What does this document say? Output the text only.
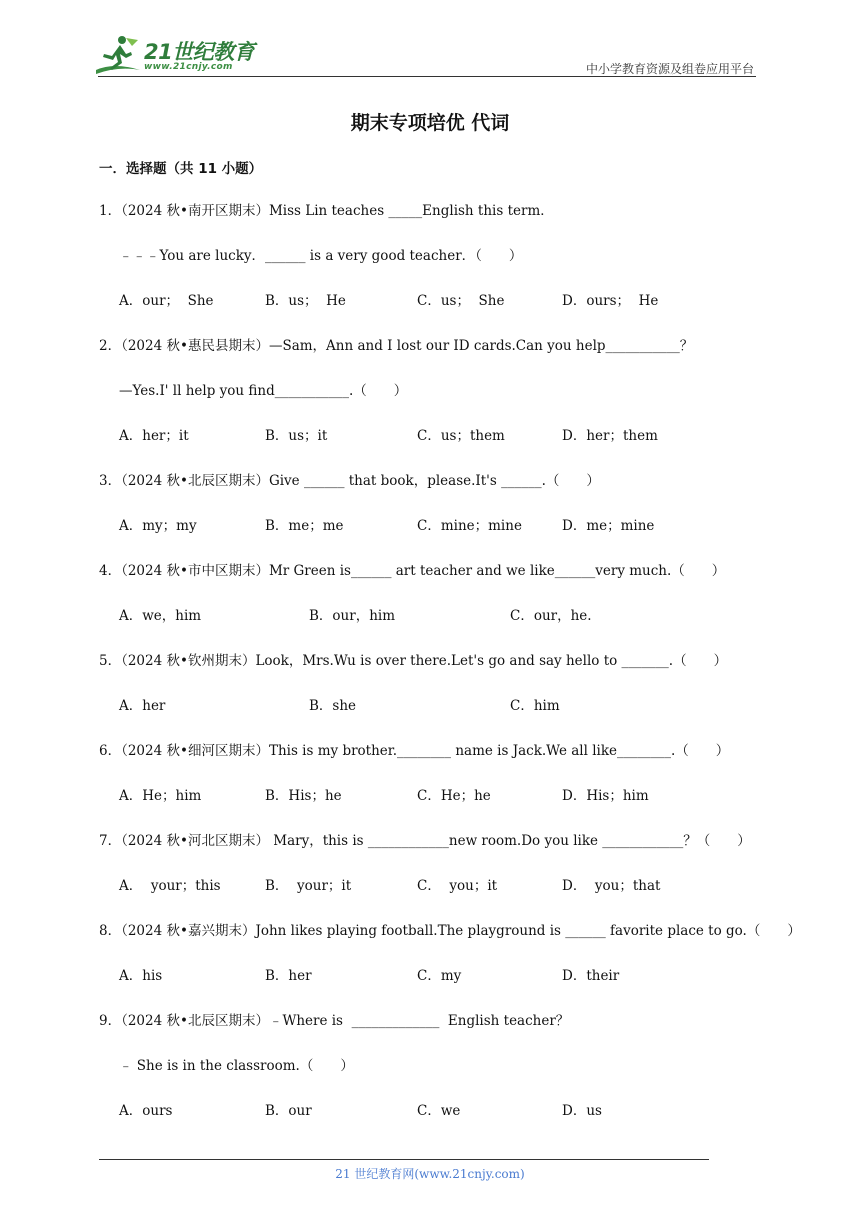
21世纪教育
www.21cnjy.com	中小学教育资源及组卷应用平台
期末专项培优 代词
一．选择题（共 11 小题）
1．（2024 秋•南开区期末）Miss Lin teaches _____English this term．
﹣﹣﹣You are lucky．______ is a very good teacher．（　　）
A．our；  She	B．us；  He	C．us；  She	D．ours；  He
2．（2024 秋•惠民县期末）—Sam，Ann and I lost our ID cards.Can you help___________？
—Yes.I' ll help you find___________.（　　）
A．her；it	B．us；it	C．us；them	D．her；them
3．（2024 秋•北辰区期末）Give ______ that book，please.It's ______.（　　）
A．my；my	B．me；me	C．mine；mine	D．me；mine
4．（2024 秋•市中区期末）Mr Green is______ art teacher and we like______very much.（　　）
A．we，him	B．our，him	C．our，he.
5．（2024 秋•钦州期末）Look，Mrs.Wu is over there.Let's go and say hello to _______.（　　）
A．her	B．she	C．him
6．（2024 秋•细河区期末）This is my brother.________ name is Jack.We all like________.（　　）
A．He；him	B．His；he	C．He；he	D．His；him
7．（2024 秋•河北区期末） Mary，this is ____________new room.Do you like ____________？（　　）
A．  your；this	B．  your；it	C．  you；it	D．  you；that
8．（2024 秋•嘉兴期末）John likes playing football.The playground is ______ favorite place to go.（　　）
A．his	B．her	C．my	D．their
9．（2024 秋•北辰区期末）﹣Where is  _____________  English teacher？
﹣ She is in the classroom.（　　）
A．ours	B．our	C．we	D．us
21 世纪教育网(www.21cnjy.com)
